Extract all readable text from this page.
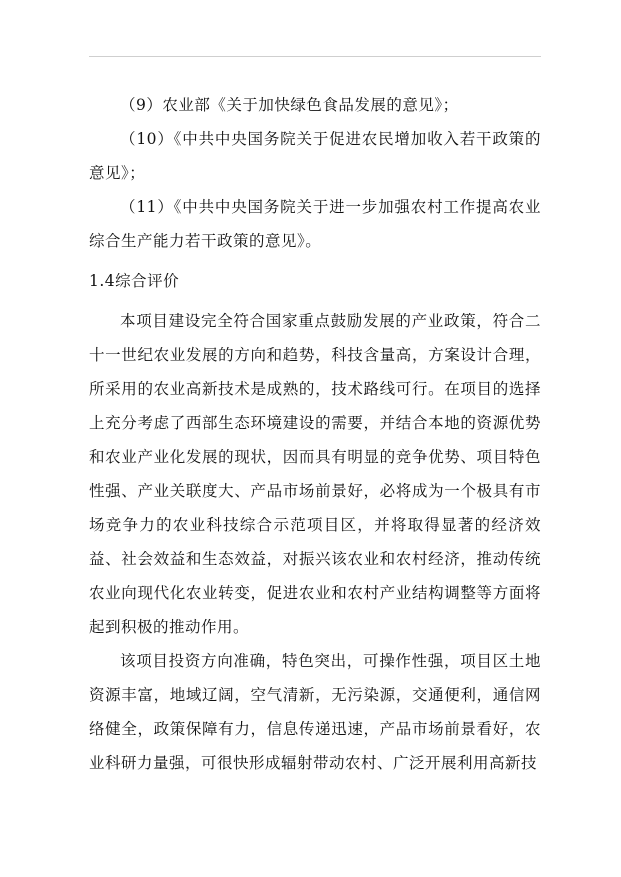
（9）农业部《关于加快绿色食品发展的意见》；

（10）《中共中央国务院关于促进农民增加收入若干政策的意见》；

（11）《中共中央国务院关于进一步加强农村工作提高农业综合生产能力若干政策的意见》。

1.4综合评价

本项目建设完全符合国家重点鼓励发展的产业政策，符合二十一世纪农业发展的方向和趋势，科技含量高，方案设计合理，所采用的农业高新技术是成熟的，技术路线可行。在项目的选择上充分考虑了西部生态环境建设的需要，并结合本地的资源优势和农业产业化发展的现状，因而具有明显的竞争优势、项目特色性强、产业关联度大、产品市场前景好，必将成为一个极具有市场竞争力的农业科技综合示范项目区，并将取得显著的经济效益、社会效益和生态效益，对振兴该农业和农村经济，推动传统农业向现代化农业转变，促进农业和农村产业结构调整等方面将起到积极的推动作用。

该项目投资方向准确，特色突出，可操作性强，项目区土地资源丰富，地域辽阔，空气清新，无污染源，交通便利，通信网络健全，政策保障有力，信息传递迅速，产品市场前景看好，农业科研力量强，可很快形成辐射带动农村、广泛开展利用高新技
